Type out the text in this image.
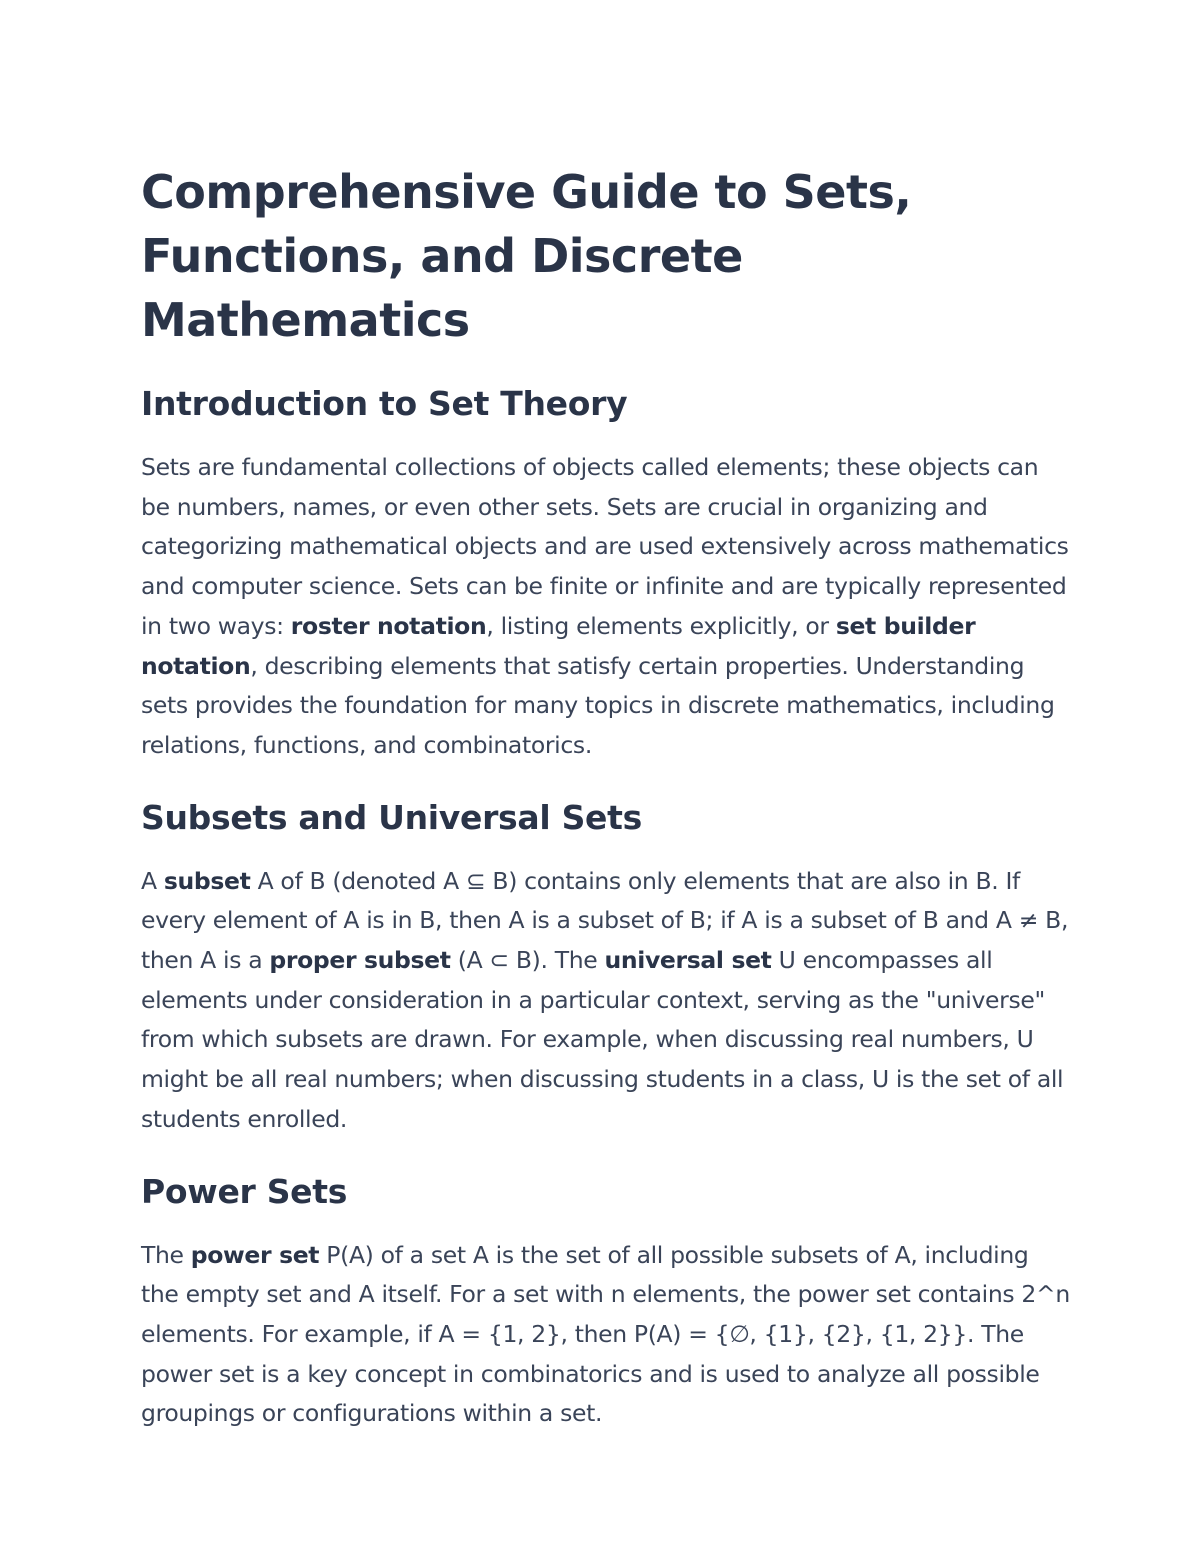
Comprehensive Guide to Sets, Functions, and Discrete Mathematics
Introduction to Set Theory

Sets are fundamental collections of objects called elements; these objects can be numbers, names, or even other sets. Sets are crucial in organizing and categorizing mathematical objects and are used extensively across mathematics and computer science. Sets can be finite or infinite and are typically represented in two ways: roster notation, listing elements explicitly, or set builder notation, describing elements that satisfy certain properties. Understanding sets provides the foundation for many topics in discrete mathematics, including relations, functions, and combinatorics.

Subsets and Universal Sets

A subset A of B (denoted A ⊆ B) contains only elements that are also in B. If every element of A is in B, then A is a subset of B; if A is a subset of B and A ≠ B, then A is a proper subset (A ⊂ B). The universal set U encompasses all elements under consideration in a particular context, serving as the "universe" from which subsets are drawn. For example, when discussing real numbers, U might be all real numbers; when discussing students in a class, U is the set of all students enrolled.

Power Sets

The power set P(A) of a set A is the set of all possible subsets of A, including the empty set and A itself. For a set with n elements, the power set contains 2^n elements. For example, if A = {1, 2}, then P(A) = {∅, {1}, {2}, {1, 2}}. The power set is a key concept in combinatorics and is used to analyze all possible groupings or configurations within a set.
